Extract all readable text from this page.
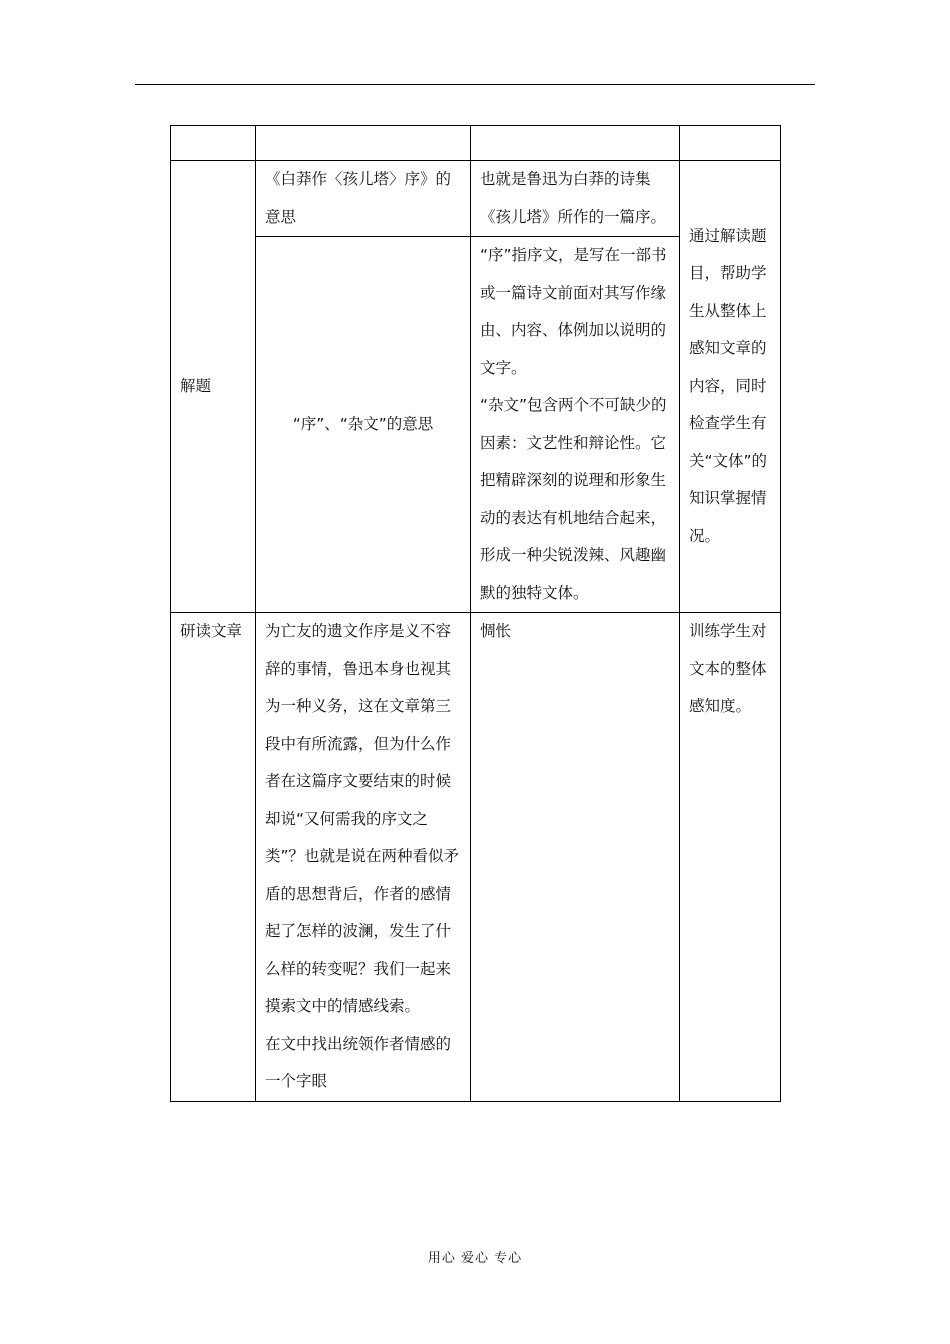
解题	《白莽作〈孩儿塔〉序》的意思	也就是鲁迅为白莽的诗集《孩儿塔》所作的一篇序。	通过解读题目，帮助学生从整体上感知文章的内容，同时检查学生有关“文体”的知识掌握情况。
	“序”、“杂文”的意思	“序”指序文，是写在一部书或一篇诗文前面对其写作缘由、内容、体例加以说明的文字。
“杂文”包含两个不可缺少的因素：文艺性和辩论性。它把精辟深刻的说理和形象生动的表达有机地结合起来，形成一种尖锐泼辣、风趣幽默的独特文体。	

研读文章	为亡友的遗文作序是义不容辞的事情，鲁迅本身也视其为一种义务，这在文章第三段中有所流露，但为什么作者在这篇序文要结束的时候却说“又何需我的序文之类”？也就是说在两种看似矛盾的思想背后，作者的感情起了怎样的波澜，发生了什么样的转变呢？我们一起来摸索文中的情感线索。
在文中找出统领作者情感的一个字眼	惆怅	训练学生对文本的整体感知度。
用心 爱心 专心
